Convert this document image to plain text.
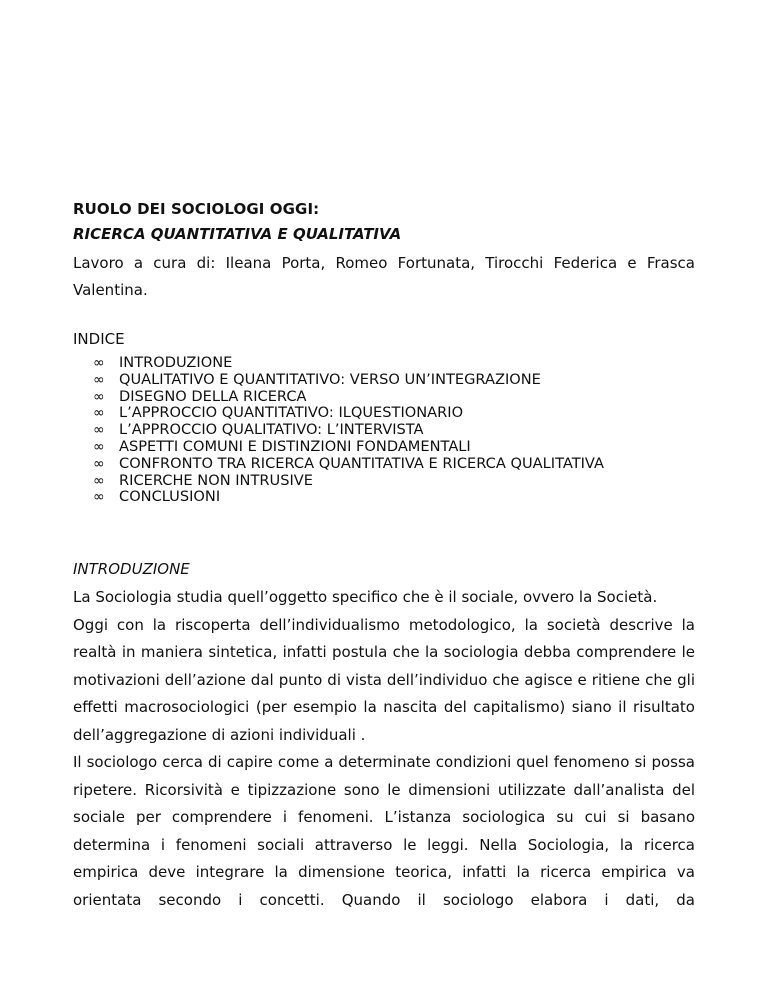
RUOLO DEI SOCIOLOGI OGGI:
RICERCA QUANTITATIVA E QUALITATIVA
Lavoro a cura di: Ileana Porta, Romeo Fortunata, Tirocchi Federica e Frasca Valentina.
INDICE
∞ INTRODUZIONE
∞ QUALITATIVO E QUANTITATIVO: VERSO UN’INTEGRAZIONE
∞ DISEGNO DELLA RICERCA
∞ L’APPROCCIO QUANTITATIVO: ILQUESTIONARIO
∞ L’APPROCCIO QUALITATIVO: L’INTERVISTA
∞ ASPETTI COMUNI E DISTINZIONI FONDAMENTALI
∞ CONFRONTO TRA RICERCA QUANTITATIVA E RICERCA QUALITATIVA
∞ RICERCHE NON INTRUSIVE
∞ CONCLUSIONI
INTRODUZIONE

La Sociologia studia quell’oggetto specifico che è il sociale, ovvero la Società.

Oggi con la riscoperta dell’individualismo metodologico, la società descrive la realtà in maniera sintetica, infatti postula che la sociologia debba comprendere le motivazioni dell’azione dal punto di vista dell’individuo che agisce e ritiene che gli effetti macrosociologici (per esempio la nascita del capitalismo) siano il risultato dell’aggregazione di azioni individuali .

Il sociologo cerca di capire come a determinate condizioni quel fenomeno si possa ripetere. Ricorsività e tipizzazione sono le dimensioni utilizzate dall’analista del sociale per comprendere i fenomeni. L’istanza sociologica su cui si basano determina i fenomeni sociali attraverso le leggi. Nella Sociologia, la ricerca empirica deve integrare la dimensione teorica, infatti la ricerca empirica va orientata secondo i concetti. Quando il sociologo elabora i dati, da
